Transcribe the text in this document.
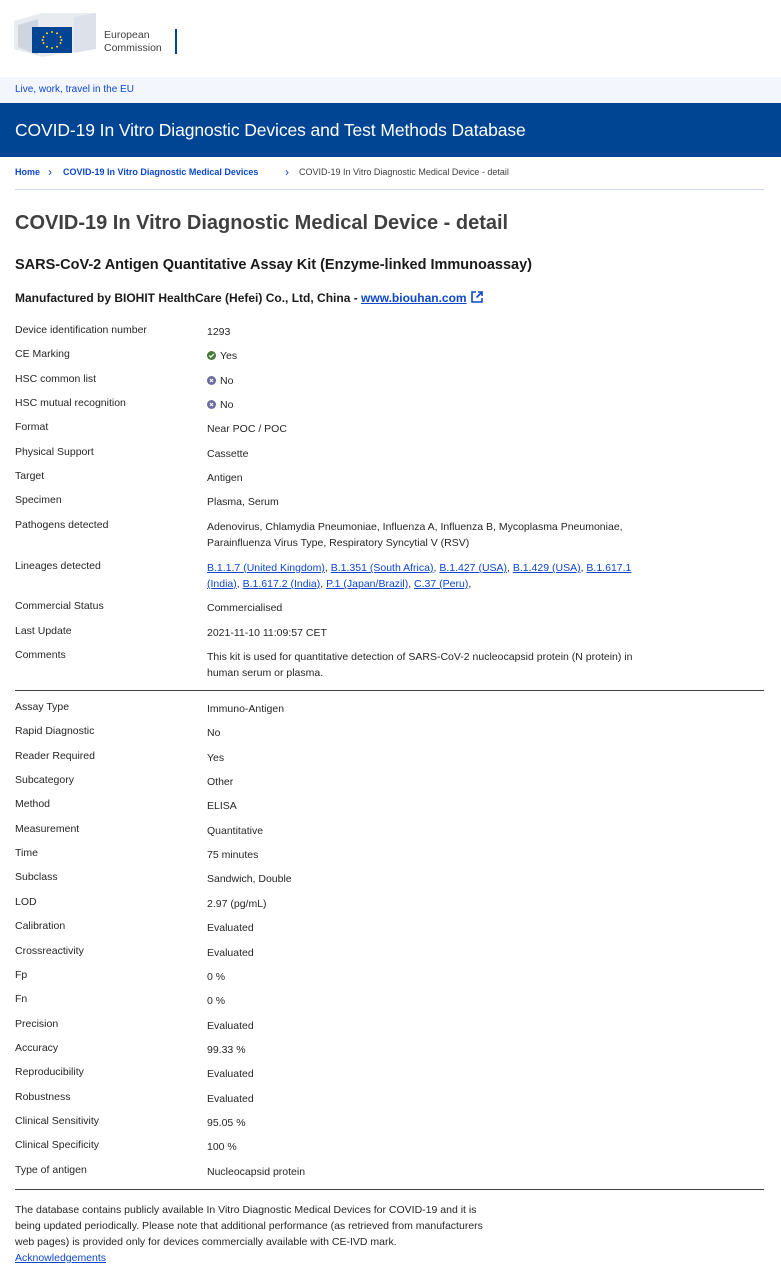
European
Commission
Live, work, travel in the EU
COVID-19 In Vitro Diagnostic Devices and Test Methods Database
Home › COVID-19 In Vitro Diagnostic Medical Devices › COVID-19 In Vitro Diagnostic Medical Device - detail
COVID-19 In Vitro Diagnostic Medical Device - detail
SARS-CoV-2 Antigen Quantitative Assay Kit (Enzyme-linked Immunoassay)
Manufactured by BIOHIT HealthCare (Hefei) Co., Ltd, China - www.biouhan.com
Device identification number	1293
CE Marking	Yes
HSC common list	No
HSC mutual recognition	No
Format	Near POC / POC
Physical Support	Cassette
Target	Antigen
Specimen	Plasma, Serum
Pathogens detected	Adenovirus, Chlamydia Pneumoniae, Influenza A, Influenza B, Mycoplasma Pneumoniae, Parainfluenza Virus Type, Respiratory Syncytial V (RSV)
Lineages detected	B.1.1.7 (United Kingdom), B.1.351 (South Africa), B.1.427 (USA), B.1.429 (USA), B.1.617.1 (India), B.1.617.2 (India), P.1 (Japan/Brazil), C.37 (Peru),
Commercial Status	Commercialised
Last Update	2021-11-10 11:09:57 CET
Comments	This kit is used for quantitative detection of SARS-CoV-2 nucleocapsid protein (N protein) in human serum or plasma.
Assay Type	Immuno-Antigen
Rapid Diagnostic	No
Reader Required	Yes
Subcategory	Other
Method	ELISA
Measurement	Quantitative
Time	75 minutes
Subclass	Sandwich, Double
LOD	2.97 (pg/mL)
Calibration	Evaluated
Crossreactivity	Evaluated
Fp	0 %
Fn	0 %
Precision	Evaluated
Accuracy	99.33 %
Reproducibility	Evaluated
Robustness	Evaluated
Clinical Sensitivity	95.05 %
Clinical Specificity	100 %
Type of antigen	Nucleocapsid protein
The database contains publicly available In Vitro Diagnostic Medical Devices for COVID-19 and it is being updated periodically. Please note that additional performance (as retrieved from manufacturers web pages) is provided only for devices commercially available with CE-IVD mark.
Acknowledgements
